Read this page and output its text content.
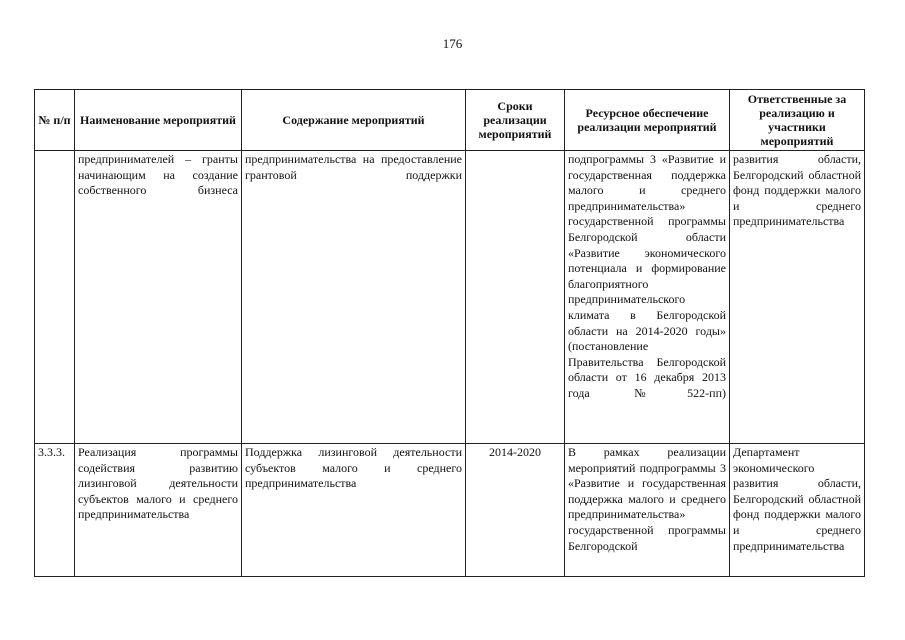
176
№ п/п	Наименование мероприятий	Содержание мероприятий	Сроки реализации мероприятий	Ресурсное обеспечение реализации мероприятий	Ответственные за реализацию и участники мероприятий
	предпринимателей – гранты начинающим на создание собственного бизнеса	предпринимательства на предоставление грантовой поддержки		подпрограммы 3 «Развитие и государственная поддержка малого и среднего предпринимательства» государственной программы Белгородской области «Развитие экономического потенциала и формирование благоприятного предпринимательского климата в Белгородской области на 2014-2020 годы» (постановление Правительства Белгородской области от 16 декабря 2013 года №522-пп)	развития области, Белгородский областной фонд поддержки малого и среднего предпринимательства
3.3.3.	Реализация программы содействия развитию лизинговой деятельности субъектов малого и среднего предпринимательства	Поддержка лизинговой деятельности субъектов малого и среднего предпринимательства	2014-2020	В рамках реализации мероприятий подпрограммы 3 «Развитие и государственная поддержка малого и среднего предпринимательства» государственной программы Белгородской	Департамент экономического развития области, Белгородский областной фонд поддержки малого и среднего предпринимательства
